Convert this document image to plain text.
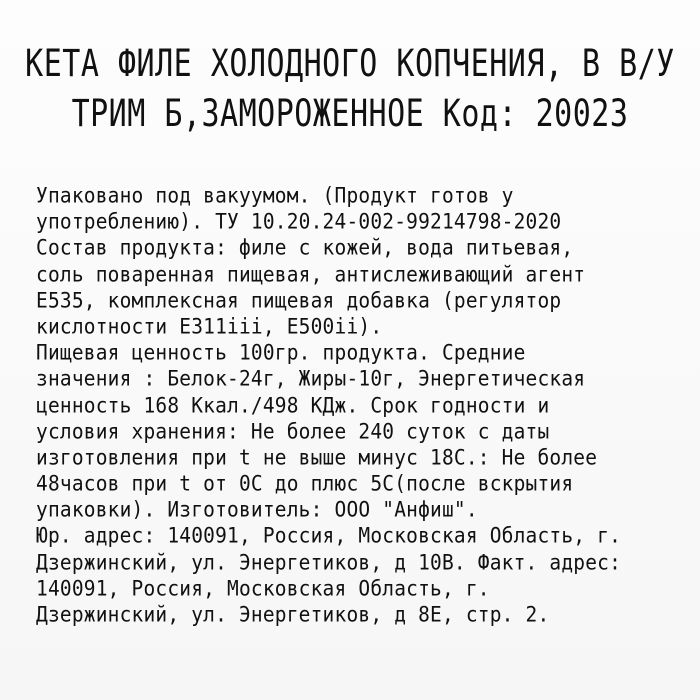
КЕТА ФИЛЕ ХОЛОДНОГО КОПЧЕНИЯ, В В/У
ТРИМ Б,ЗАМОРОЖЕННОЕ Код: 20023
Упаковано под вакуумом. (Продукт готов у
употреблению). ТУ 10.20.24-002-99214798-2020
Состав продукта: филе с кожей, вода питьевая,
соль поваренная пищевая, антислеживающий агент
Е535, комплексная пищевая добавка (регулятор
кислотности Е311iii, Е500ii).
Пищевая ценность 100гр. продукта. Средние
значения : Белок-24г, Жиры-10г, Энергетическая
ценность 168 Ккал./498 КДж. Срок годности и
условия хранения: Не более 240 суток с даты
изготовления при t не выше минус 18С.: Не более
48часов при t от 0С до плюс 5С(после вскрытия
упаковки). Изготовитель: ООО "Анфиш".
Юр. адрес: 140091, Россия, Московская Область, г.
Дзержинский, ул. Энергетиков, д 10В. Факт. адрес:
140091, Россия, Московская Область, г.
Дзержинский, ул. Энергетиков, д 8Е, стр. 2.
